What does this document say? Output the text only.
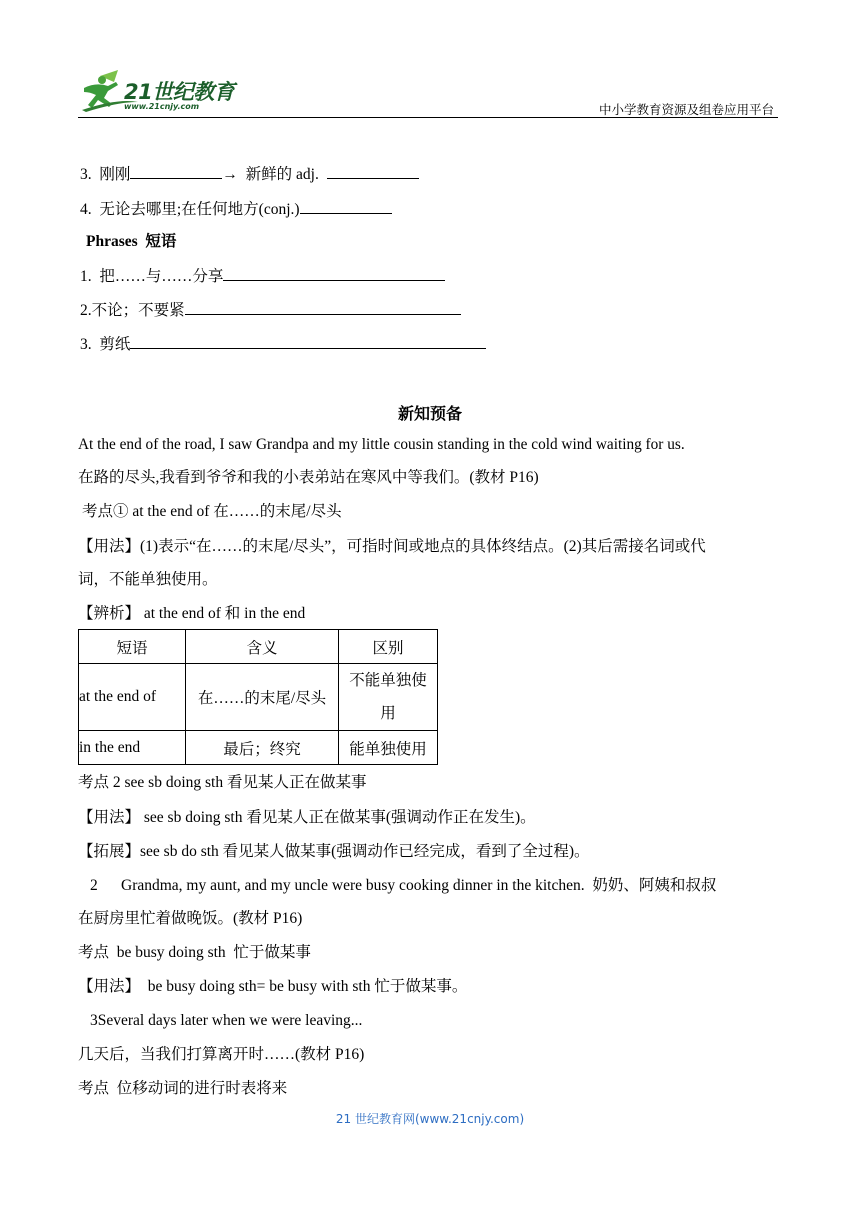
21世纪教育
www.21cnjy.com	中小学教育资源及组卷应用平台
3. 刚刚	→ 新鲜的 adj.
4. 无论去哪里;在任何地方(conj.)
Phrases 短语
1. 把……与……分享
2.不论；不要紧
3. 剪纸
新知预备
At the end of the road, I saw Grandpa and my little cousin standing in the cold wind waiting for us.
在路的尽头,我看到爷爷和我的小表弟站在寒风中等我们。(教材 P16)
考点① at the end of 在……的末尾/尽头
【用法】(1)表示“在……的末尾/尽头”，可指时间或地点的具体终结点。(2)其后需接名词或代
词，不能单独使用。
【辨析】 at the end of 和 in the end
短语	含义	区别
at the end of	在……的末尾/尽头	不能单独使
用

in the end	最后；终究	能单独使用
考点 2 see sb doing sth 看见某人正在做某事
【用法】 see sb doing sth 看见某人正在做某事(强调动作正在发生)。
【拓展】see sb do sth 看见某人做某事(强调动作已经完成，看到了全过程)。
2      Grandma, my aunt, and my uncle were busy cooking dinner in the kitchen.  奶奶、阿姨和叔叔
在厨房里忙着做晚饭。(教材 P16)
考点  be busy doing sth  忙于做某事
【用法】  be busy doing sth= be busy with sth 忙于做某事。
3Several days later when we were leaving...
几天后，当我们打算离开时……(教材 P16)
考点  位移动词的进行时表将来
21 世纪教育网(www.21cnjy.com)
